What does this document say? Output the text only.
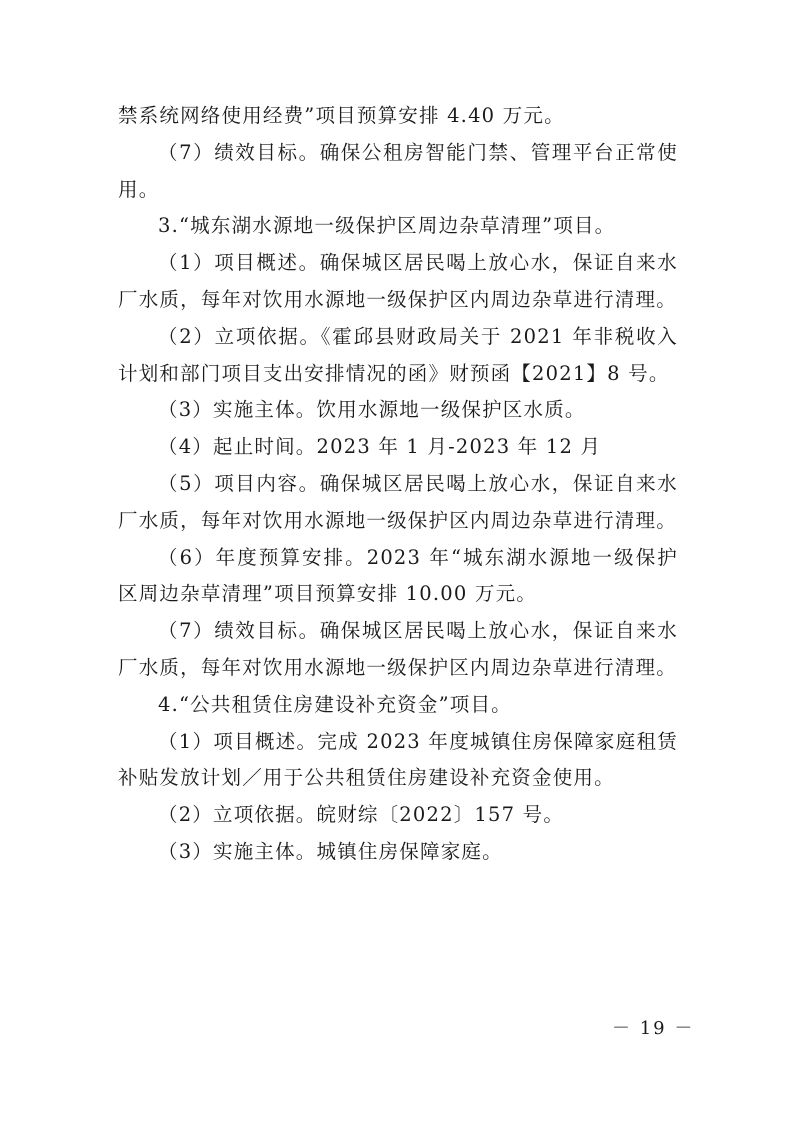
禁系统网络使用经费”项目预算安排 4.40 万元。

（7）绩效目标。确保公租房智能门禁、管理平台正常使用。

3.“城东湖水源地一级保护区周边杂草清理”项目。

（1）项目概述。确保城区居民喝上放心水，保证自来水厂水质，每年对饮用水源地一级保护区内周边杂草进行清理。

（2）立项依据。《霍邱县财政局关于 2021 年非税收入计划和部门项目支出安排情况的函》财预函【2021】8 号。

（3）实施主体。饮用水源地一级保护区水质。

（4）起止时间。2023 年 1 月-2023 年 12 月

（5）项目内容。确保城区居民喝上放心水，保证自来水厂水质，每年对饮用水源地一级保护区内周边杂草进行清理。

（6）年度预算安排。2023 年“城东湖水源地一级保护区周边杂草清理”项目预算安排 10.00 万元。

（7）绩效目标。确保城区居民喝上放心水，保证自来水厂水质，每年对饮用水源地一级保护区内周边杂草进行清理。

4.“公共租赁住房建设补充资金”项目。

（1）项目概述。完成 2023 年度城镇住房保障家庭租赁补贴发放计划／用于公共租赁住房建设补充资金使用。

（2）立项依据。皖财综〔2022〕157 号。

（3）实施主体。城镇住房保障家庭。

－ 19 －
